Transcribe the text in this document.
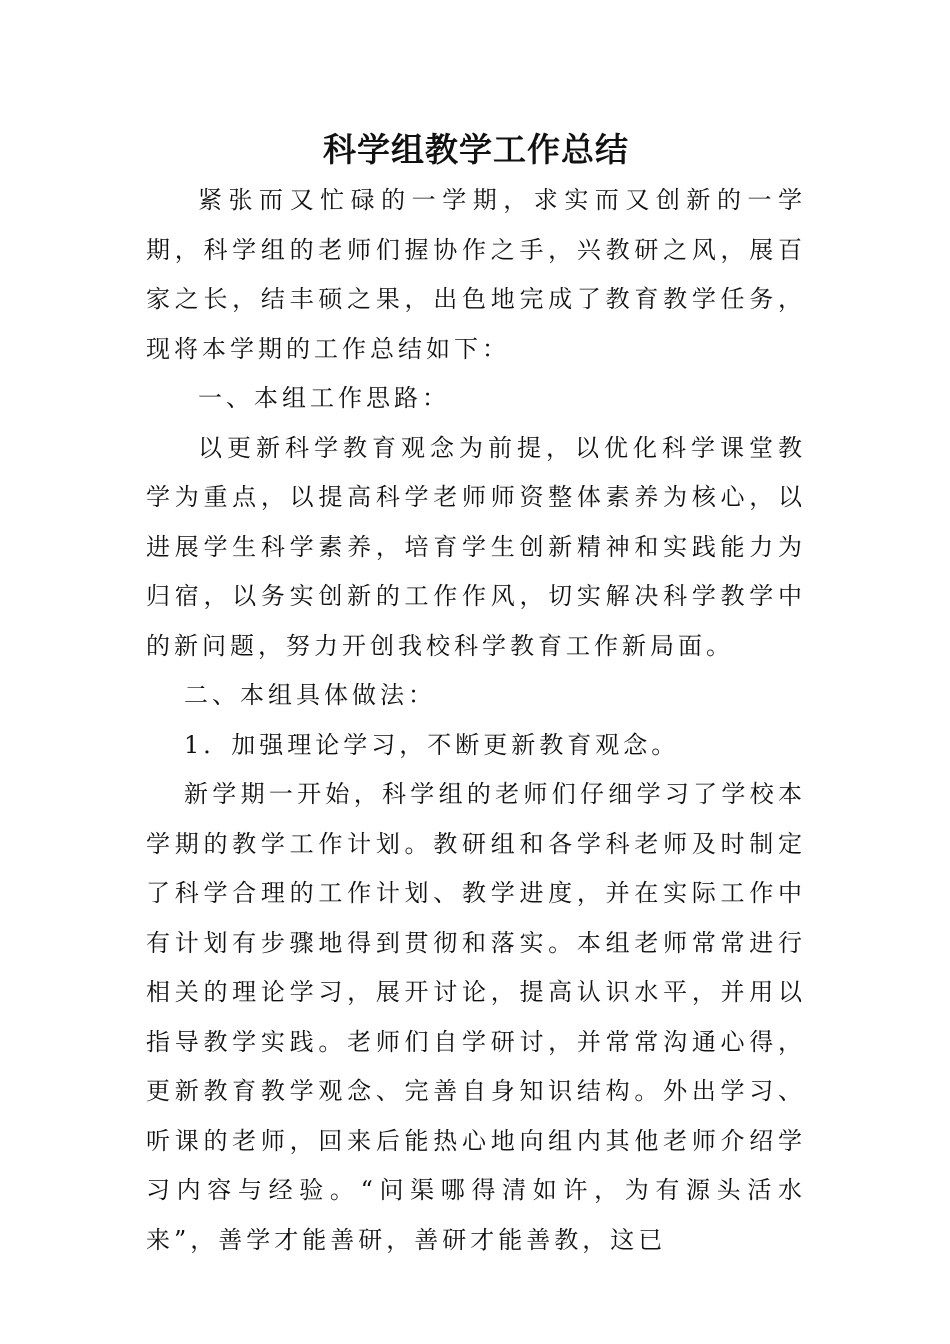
科学组教学工作总结

紧张而又忙碌的一学期，求实而又创新的一学期，科学组的老师们握协作之手，兴教研之风，展百家之长，结丰硕之果，出色地完成了教育教学任务，现将本学期的工作总结如下：

一、本组工作思路：

以更新科学教育观念为前提，以优化科学课堂教学为重点，以提高科学老师师资整体素养为核心，以进展学生科学素养，培育学生创新精神和实践能力为归宿，以务实创新的工作作风，切实解决科学教学中的新问题，努力开创我校科学教育工作新局面。

二、本组具体做法：

1．加强理论学习，不断更新教育观念。

新学期一开始，科学组的老师们仔细学习了学校本学期的教学工作计划。教研组和各学科老师及时制定了科学合理的工作计划、教学进度，并在实际工作中有计划有步骤地得到贯彻和落实。本组老师常常进行相关的理论学习，展开讨论，提高认识水平，并用以指导教学实践。老师们自学研讨，并常常沟通心得，更新教育教学观念、完善自身知识结构。外出学习、听课的老师，回来后能热心地向组内其他老师介绍学习内容与经验。“问渠哪得清如许，为有源头活水来”，善学才能善研，善研才能善教，这已
